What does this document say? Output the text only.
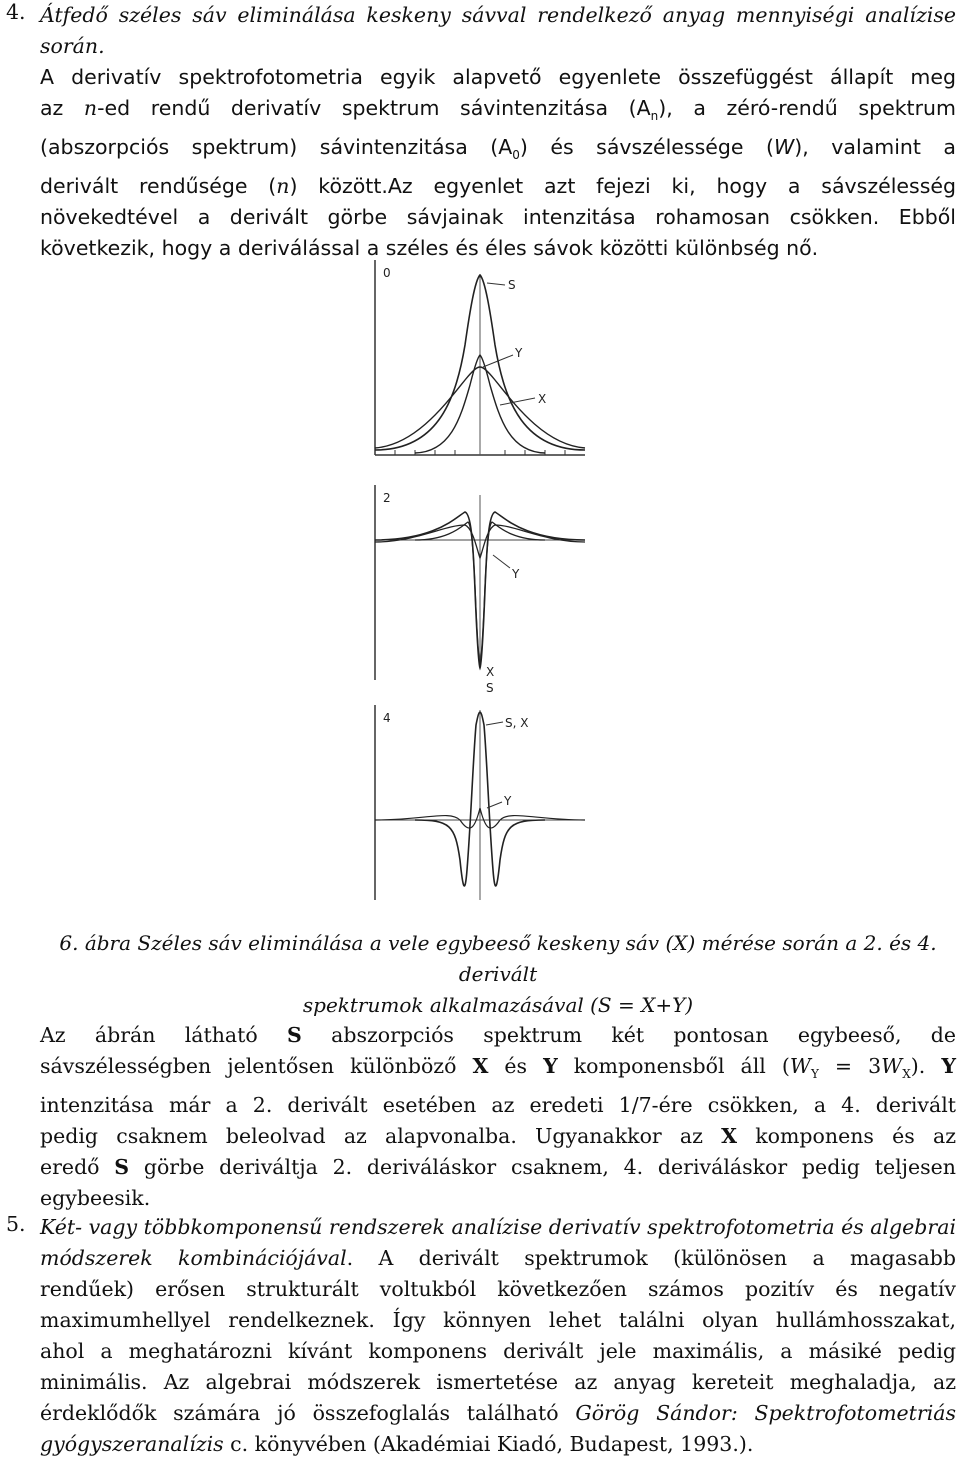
4. Átfedő széles sáv eliminálása keskeny sávval rendelkező anyag mennyiségi analízise során.
A derivatív spektrofotometria egyik alapvető egyenlete összefüggést állapít meg
az n-ed rendű derivatív spektrum sávintenzitása $(A_n)$, a zéró-rendű spektrum
(abszorpciós spektrum) sávintenzitása $(A_0)$ és sávszélessége (W), valamint a
derivált rendűsége (n) között.Az egyenlet azt fejezi ki, hogy a sávszélesség
növekedtével a derivált görbe sávjainak intenzitása rohamosan csökken. Ebből
következik, hogy a deriválással a széles és éles sávok közötti különbség nő.
0
S
Y
X
2
Y
X
S
4	S, X
Y
6. ábra Széles sáv eliminálása a vele egybeeső keskeny sáv (X) mérése során a 2. és 4. derivált
spektrumok alkalmazásával (S = X+Y)
Az ábrán látható S abszorpciós spektrum két pontosan egybeeső, de
sávszélességben jelentősen különböző X és Y komponensből áll $(W_Y = 3W_X)$. Y
intenzitása már a 2. derivált esetében az eredeti 1/7-ére csökken, a 4. derivált
pedig csaknem beleolvad az alapvonalba. Ugyanakkor az X komponens és az
eredő S görbe deriváltja 2. deriváláskor csaknem, 4. deriváláskor pedig teljesen
egybeesik.
5. Két- vagy többkomponensű rendszerek analízise derivatív spektrofotometria és algebrai
módszerek kombinációjával. A derivált spektrumok (különösen a magasabb
rendűek) erősen strukturált voltukból következően számos pozitív és negatív
maximumhellyel rendelkeznek. Így könnyen lehet találni olyan hullámhosszakat,
ahol a meghatározni kívánt komponens derivált jele maximális, a másiké pedig
minimális. Az algebrai módszerek ismertetése az anyag kereteit meghaladja, az
érdeklődők számára jó összefoglalás található Görög Sándor: Spektrofotometriás
gyógyszeranalízis c. könyvében (Akadémiai Kiadó, Budapest, 1993.).
